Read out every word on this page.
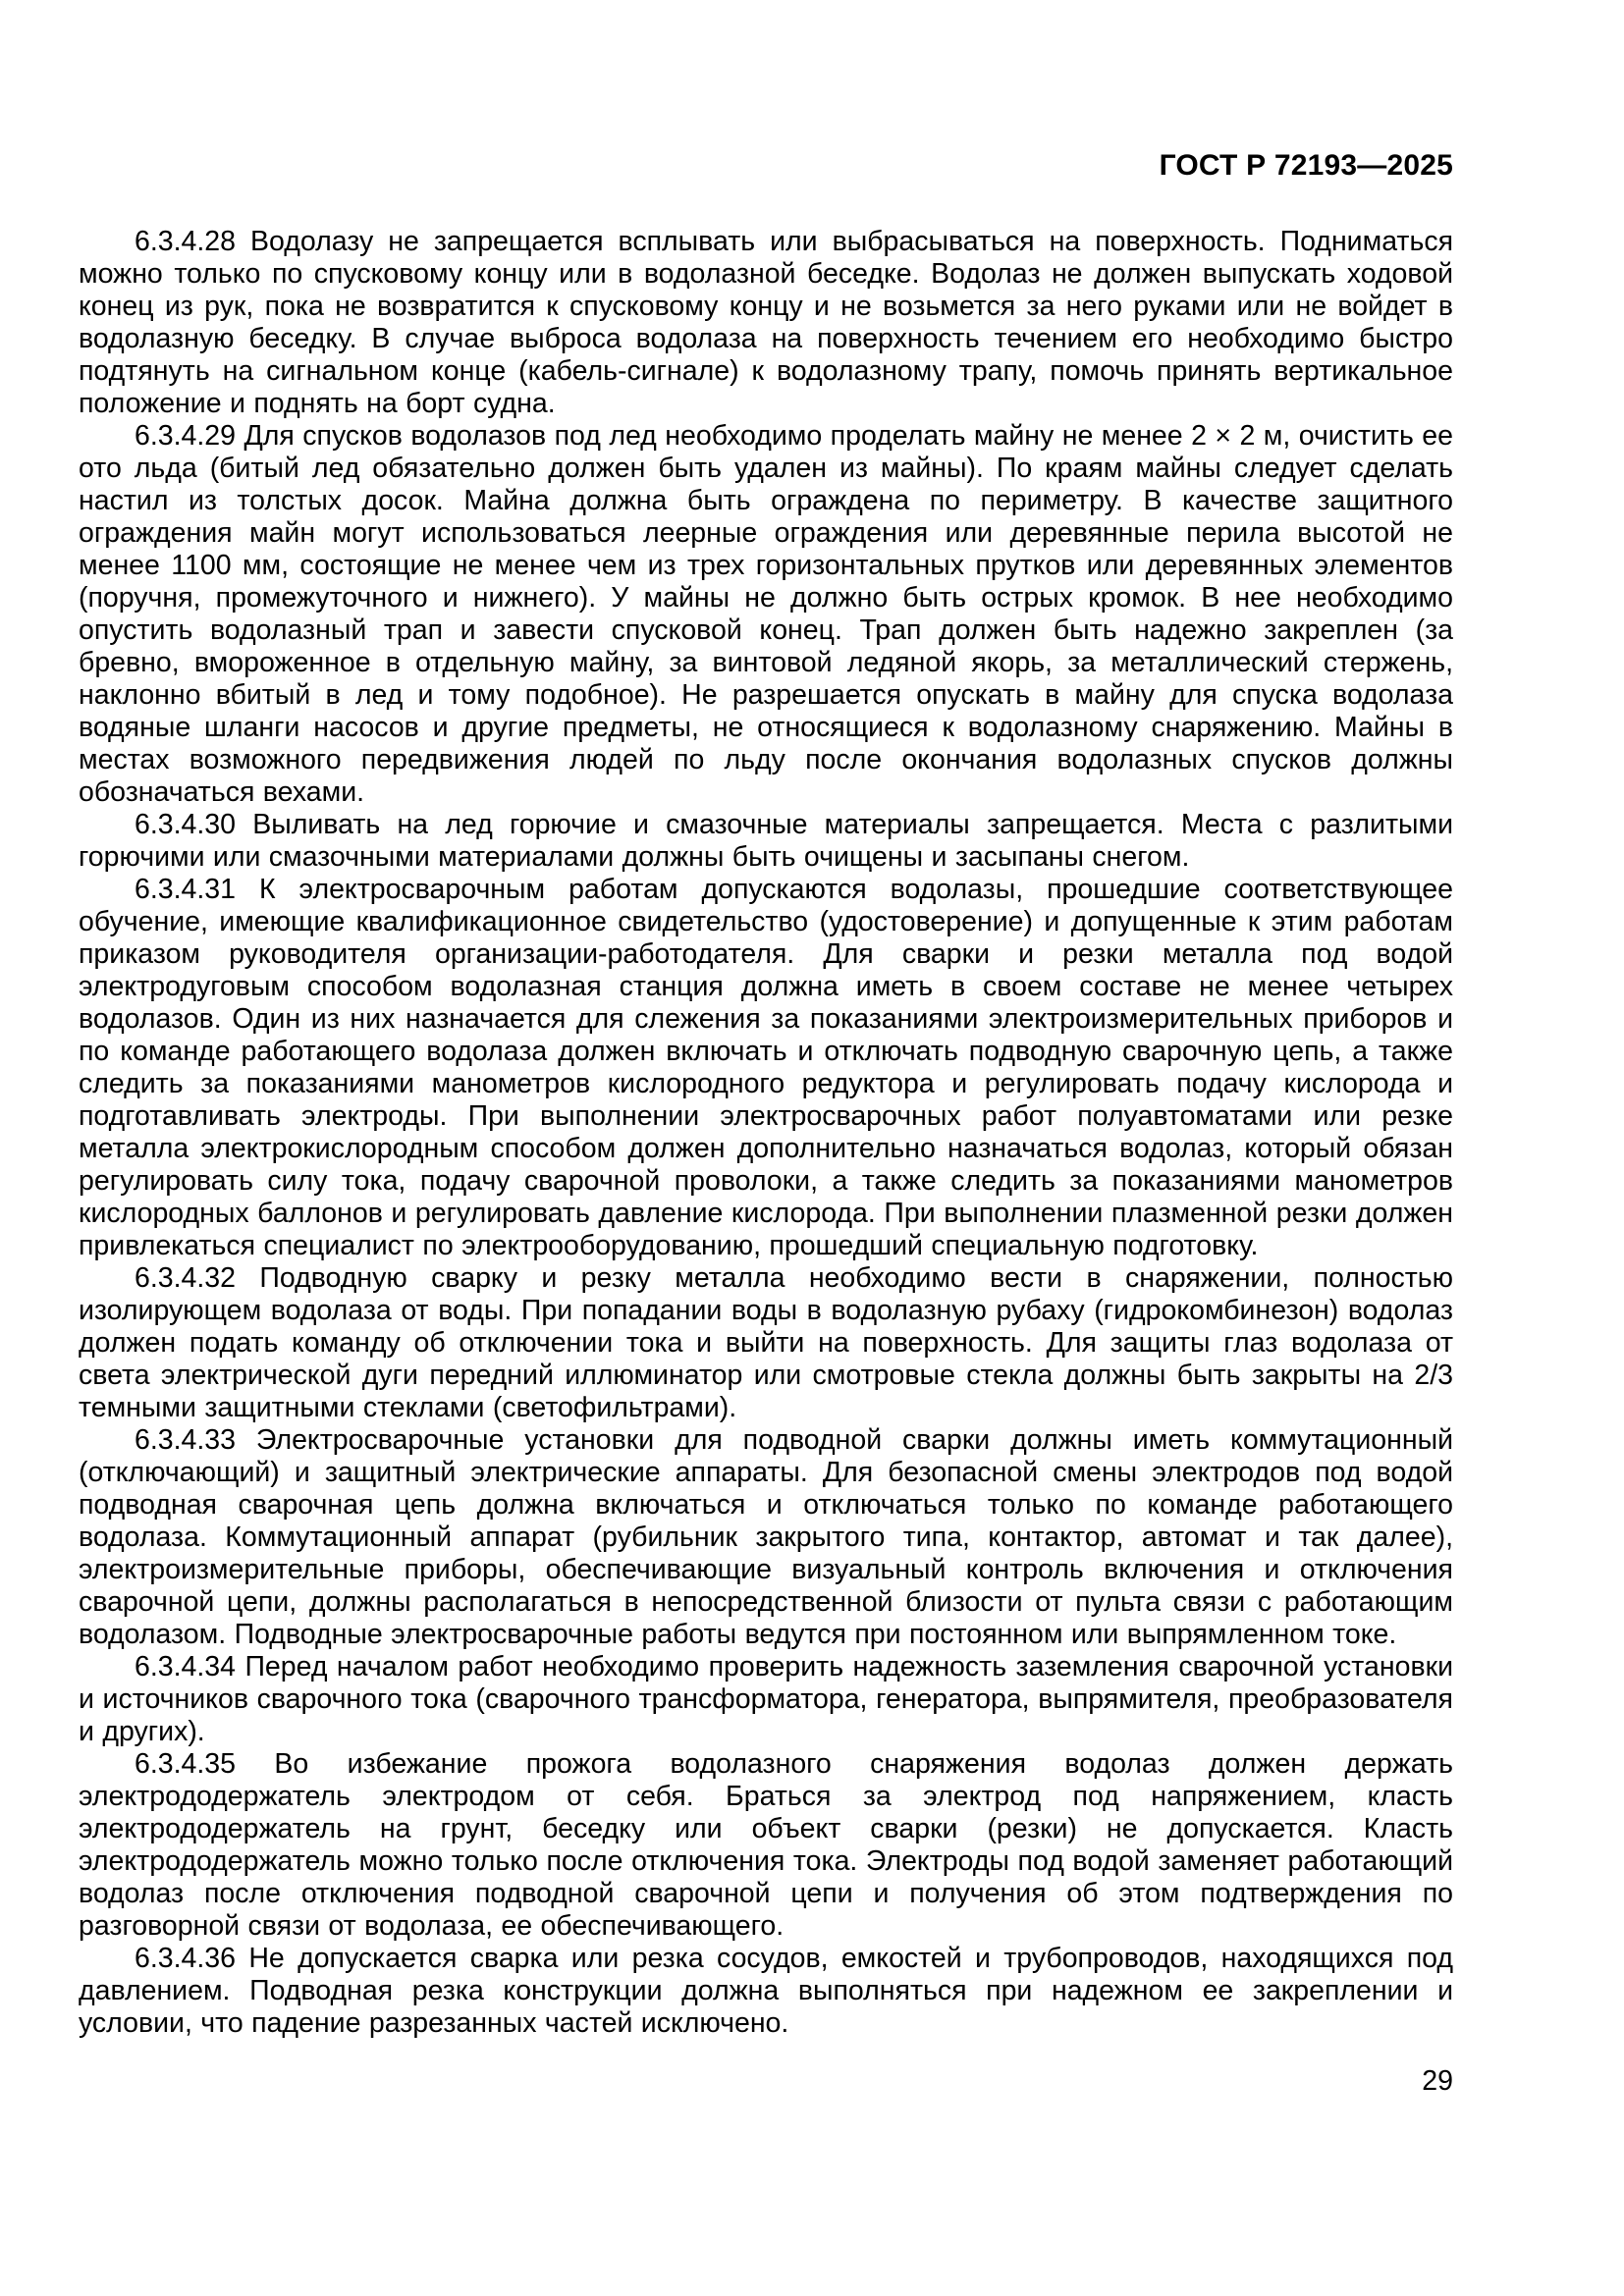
ГОСТ Р 72193—2025

6.3.4.28 Водолазу не запрещается всплывать или выбрасываться на поверхность. Подниматься можно только по спусковому концу или в водолазной беседке. Водолаз не должен выпускать ходовой конец из рук, пока не возвратится к спусковому концу и не возьмется за него руками или не войдет в водолазную беседку. В случае выброса водолаза на поверхность течением его необходимо быстро подтянуть на сигнальном конце (кабель-сигнале) к водолазному трапу, помочь принять вертикальное положение и поднять на борт судна.

6.3.4.29 Для спусков водолазов под лед необходимо проделать майну не менее 2 × 2 м, очистить ее ото льда (битый лед обязательно должен быть удален из майны). По краям майны следует сделать настил из толстых досок. Майна должна быть ограждена по периметру. В качестве защитного ограждения майн могут использоваться леерные ограждения или деревянные перила высотой не менее 1100 мм, состоящие не менее чем из трех горизонтальных прутков или деревянных элементов (поручня, промежуточного и нижнего). У майны не должно быть острых кромок. В нее необходимо опустить водолазный трап и завести спусковой конец. Трап должен быть надежно закреплен (за бревно, вмороженное в отдельную майну, за винтовой ледяной якорь, за металлический стержень, наклонно вбитый в лед и тому подобное). Не разрешается опускать в майну для спуска водолаза водяные шланги насосов и другие предметы, не относящиеся к водолазному снаряжению. Майны в местах возможного передвижения людей по льду после окончания водолазных спусков должны обозначаться вехами.

6.3.4.30 Выливать на лед горючие и смазочные материалы запрещается. Места с разлитыми горючими или смазочными материалами должны быть очищены и засыпаны снегом.

6.3.4.31 К электросварочным работам допускаются водолазы, прошедшие соответствующее обучение, имеющие квалификационное свидетельство (удостоверение) и допущенные к этим работам приказом руководителя организации-работодателя. Для сварки и резки металла под водой электродуговым способом водолазная станция должна иметь в своем составе не менее четырех водолазов. Один из них назначается для слежения за показаниями электроизмерительных приборов и по команде работающего водолаза должен включать и отключать подводную сварочную цепь, а также следить за показаниями манометров кислородного редуктора и регулировать подачу кислорода и подготавливать электроды. При выполнении электросварочных работ полуавтоматами или резке металла электрокислородным способом должен дополнительно назначаться водолаз, который обязан регулировать силу тока, подачу сварочной проволоки, а также следить за показаниями манометров кислородных баллонов и регулировать давление кислорода. При выполнении плазменной резки должен привлекаться специалист по электрооборудованию, прошедший специальную подготовку.

6.3.4.32 Подводную сварку и резку металла необходимо вести в снаряжении, полностью изолирующем водолаза от воды. При попадании воды в водолазную рубаху (гидрокомбинезон) водолаз должен подать команду об отключении тока и выйти на поверхность. Для защиты глаз водолаза от света электрической дуги передний иллюминатор или смотровые стекла должны быть закрыты на 2/3 темными защитными стеклами (светофильтрами).

6.3.4.33 Электросварочные установки для подводной сварки должны иметь коммутационный (отключающий) и защитный электрические аппараты. Для безопасной смены электродов под водой подводная сварочная цепь должна включаться и отключаться только по команде работающего водолаза. Коммутационный аппарат (рубильник закрытого типа, контактор, автомат и так далее), электроизмерительные приборы, обеспечивающие визуальный контроль включения и отключения сварочной цепи, должны располагаться в непосредственной близости от пульта связи с работающим водолазом. Подводные электросварочные работы ведутся при постоянном или выпрямленном токе.

6.3.4.34 Перед началом работ необходимо проверить надежность заземления сварочной установки и источников сварочного тока (сварочного трансформатора, генератора, выпрямителя, преобразователя и других).

6.3.4.35 Во избежание прожога водолазного снаряжения водолаз должен держать электрододержатель электродом от себя. Браться за электрод под напряжением, класть электрододержатель на грунт, беседку или объект сварки (резки) не допускается. Класть электрододержатель можно только после отключения тока. Электроды под водой заменяет работающий водолаз после отключения подводной сварочной цепи и получения об этом подтверждения по разговорной связи от водолаза, ее обеспечивающего.

6.3.4.36 Не допускается сварка или резка сосудов, емкостей и трубопроводов, находящихся под давлением. Подводная резка конструкции должна выполняться при надежном ее закреплении и условии, что падение разрезанных частей исключено.

29
